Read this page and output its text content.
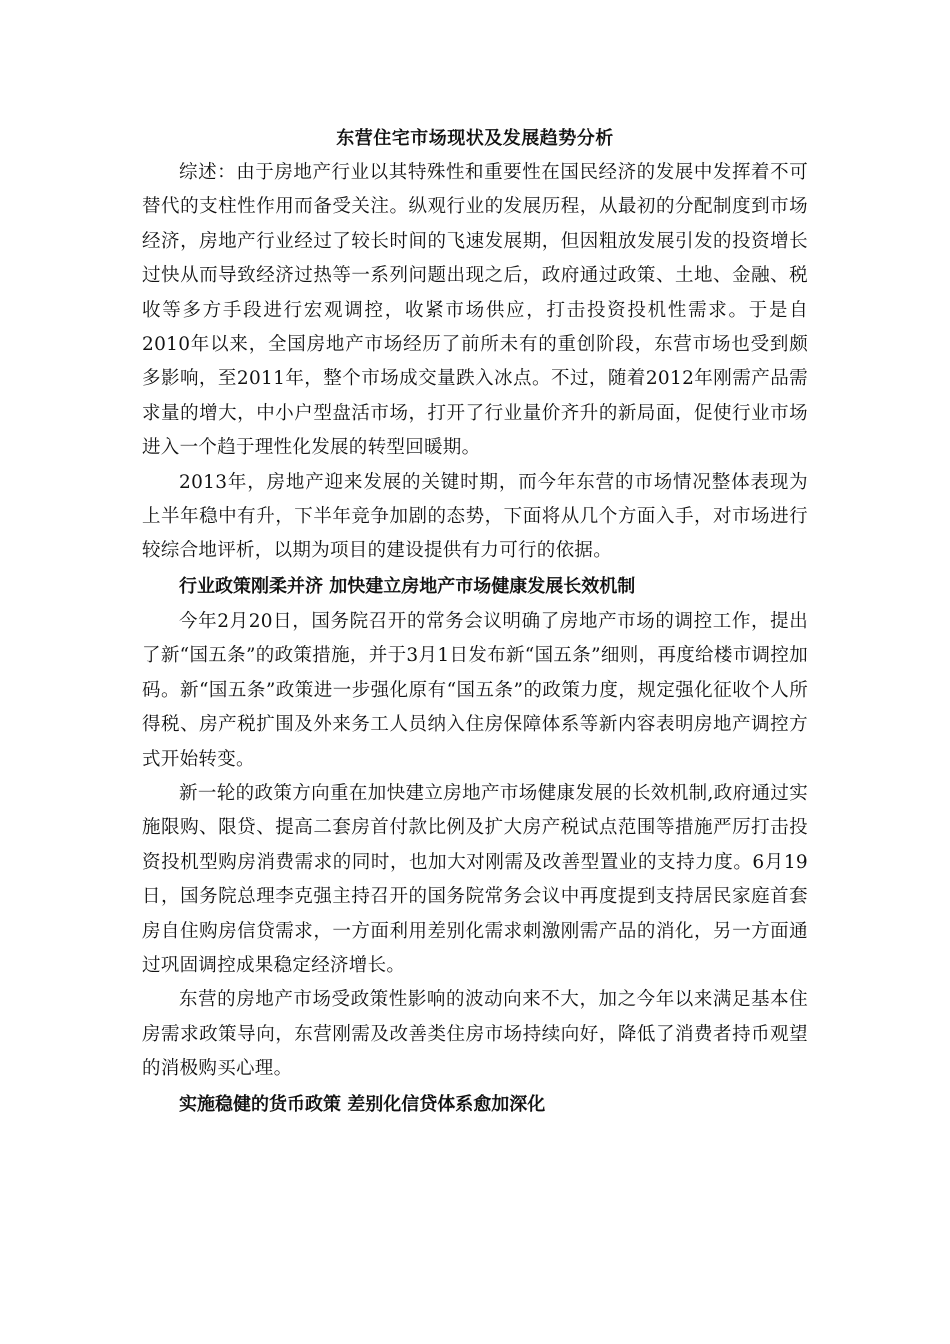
东营住宅市场现状及发展趋势分析

综述：由于房地产行业以其特殊性和重要性在国民经济的发展中发挥着不可替代的支柱性作用而备受关注。纵观行业的发展历程，从最初的分配制度到市场经济，房地产行业经过了较长时间的飞速发展期，但因粗放发展引发的投资增长过快从而导致经济过热等一系列问题出现之后，政府通过政策、土地、金融、税收等多方手段进行宏观调控，收紧市场供应，打击投资投机性需求。于是自2010年以来，全国房地产市场经历了前所未有的重创阶段，东营市场也受到颇多影响，至2011年，整个市场成交量跌入冰点。不过，随着2012年刚需产品需求量的增大，中小户型盘活市场，打开了行业量价齐升的新局面，促使行业市场进入一个趋于理性化发展的转型回暖期。

2013年，房地产迎来发展的关键时期，而今年东营的市场情况整体表现为上半年稳中有升，下半年竞争加剧的态势，下面将从几个方面入手，对市场进行较综合地评析，以期为项目的建设提供有力可行的依据。

行业政策刚柔并济 加快建立房地产市场健康发展长效机制

今年2月20日，国务院召开的常务会议明确了房地产市场的调控工作，提出了新“国五条”的政策措施，并于3月1日发布新“国五条”细则，再度给楼市调控加码。新“国五条”政策进一步强化原有“国五条”的政策力度，规定强化征收个人所得税、房产税扩围及外来务工人员纳入住房保障体系等新内容表明房地产调控方式开始转变。

新一轮的政策方向重在加快建立房地产市场健康发展的长效机制,政府通过实施限购、限贷、提高二套房首付款比例及扩大房产税试点范围等措施严厉打击投资投机型购房消费需求的同时，也加大对刚需及改善型置业的支持力度。6月19日，国务院总理李克强主持召开的国务院常务会议中再度提到支持居民家庭首套房自住购房信贷需求，一方面利用差别化需求刺激刚需产品的消化，另一方面通过巩固调控成果稳定经济增长。

东营的房地产市场受政策性影响的波动向来不大，加之今年以来满足基本住房需求政策导向，东营刚需及改善类住房市场持续向好，降低了消费者持币观望的消极购买心理。

实施稳健的货币政策 差别化信贷体系愈加深化
